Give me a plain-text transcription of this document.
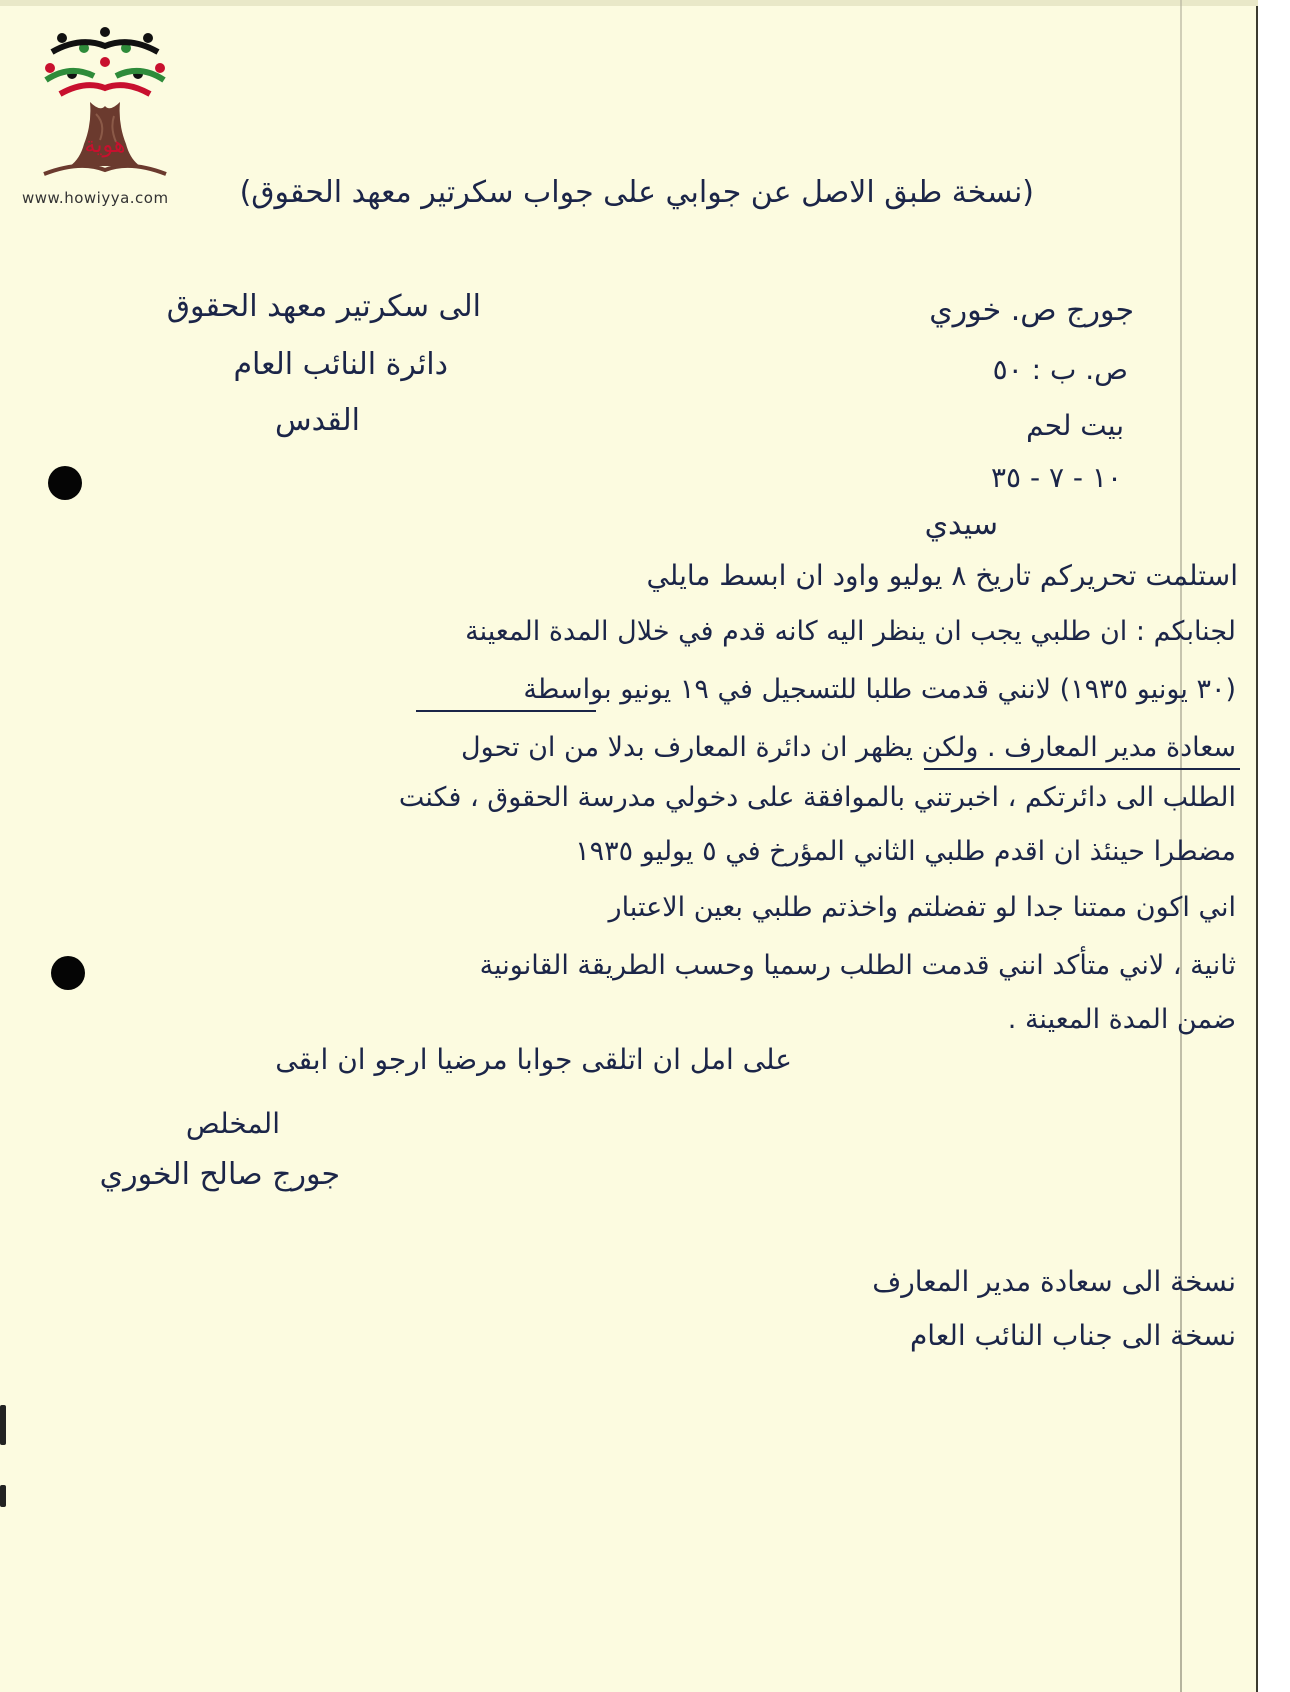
هوية
www.howiyya.com (نسخة طبق الاصل عن جوابي على جواب سكرتير معهد الحقوق)
الى سكرتير معهد الحقوق
دائرة النائب العام
القدس
جورج ص. خوري
ص. ب : ٥٠
بيت لحم
١٠ - ٧ - ٣٥
سيدي
استلمت تحريركم تاريخ ٨ يوليو واود ان ابسط مايلي
لجنابكم : ان طلبي يجب ان ينظر اليه كانه قدم في خلال المدة المعينة
(٣٠ يونيو ١٩٣٥) لانني قدمت طلبا للتسجيل في ١٩ يونيو بواسطة
سعادة مدير المعارف . ولكن يظهر ان دائرة المعارف بدلا من ان تحول
الطلب الى دائرتكم ، اخبرتني بالموافقة على دخولي مدرسة الحقوق ، فكنت
مضطرا حينئذ ان اقدم طلبي الثاني المؤرخ في ٥ يوليو ١٩٣٥
اني اكون ممتنا جدا لو تفضلتم واخذتم طلبي بعين الاعتبار
ثانية ، لاني متأكد انني قدمت الطلب رسميا وحسب الطريقة القانونية
ضمن المدة المعينة .
على امل ان اتلقى جوابا مرضيا ارجو ان ابقى
المخلص
جورج صالح الخوري
نسخة الى سعادة مدير المعارف
نسخة الى جناب النائب العام
